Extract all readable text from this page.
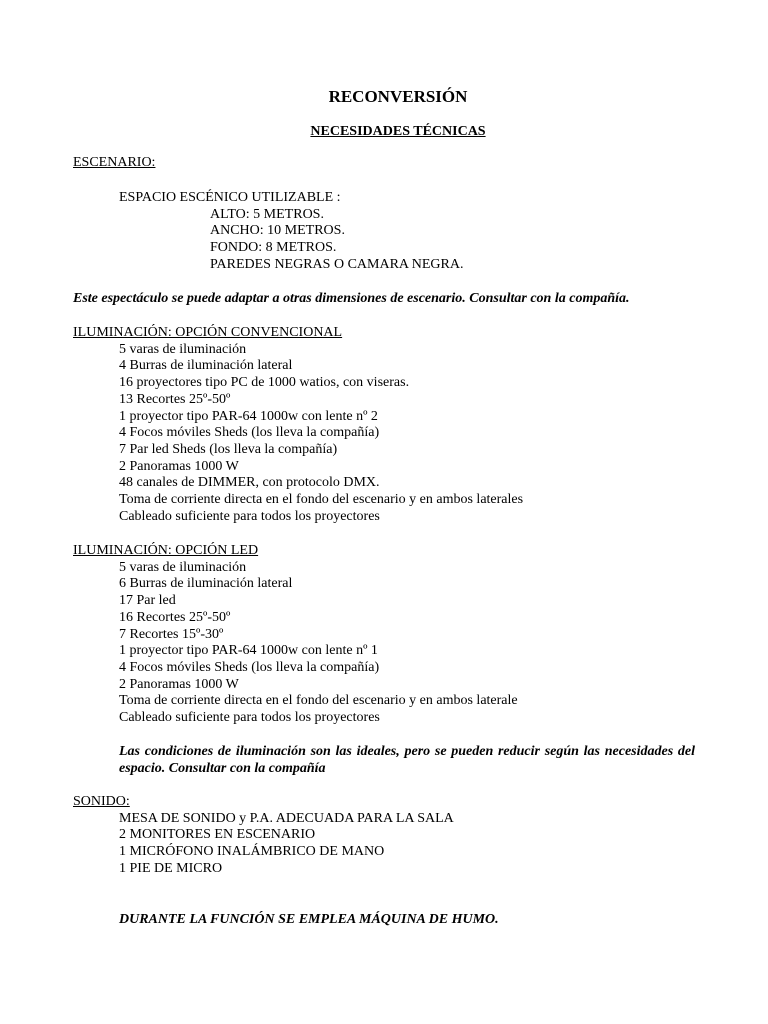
RECONVERSIÓN
NECESIDADES TÉCNICAS
ESCENARIO:
ESPACIO ESCÉNICO UTILIZABLE :
ALTO: 5 METROS.
ANCHO: 10 METROS.
FONDO: 8 METROS.
PAREDES NEGRAS O CAMARA NEGRA.
Este espectáculo se puede adaptar a otras dimensiones de escenario. Consultar con la compañía.
ILUMINACIÓN: OPCIÓN CONVENCIONAL
5 varas de iluminación
4 Burras de iluminación lateral
16 proyectores tipo PC de 1000 watios, con viseras.
13 Recortes 25º-50º
1 proyector tipo PAR-64 1000w con lente nº 2
4 Focos móviles Sheds (los lleva la compañía)
7 Par led Sheds (los lleva la compañía)
2 Panoramas 1000 W
48 canales de DIMMER, con protocolo DMX.
Toma de corriente directa en el fondo del escenario y en ambos laterales
Cableado suficiente para todos los proyectores
ILUMINACIÓN: OPCIÓN LED
5 varas de iluminación
6 Burras de iluminación lateral
17 Par led
16 Recortes 25º-50º
7 Recortes 15º-30º
1 proyector tipo PAR-64 1000w con lente nº 1
4 Focos móviles Sheds (los lleva la compañía)
2 Panoramas 1000 W
Toma de corriente directa en el fondo del escenario y en ambos laterale
Cableado suficiente para todos los proyectores
Las condiciones de iluminación son las ideales, pero se pueden reducir según las necesidades del espacio. Consultar con la compañía
SONIDO:
MESA DE SONIDO y P.A. ADECUADA PARA LA SALA
2 MONITORES EN ESCENARIO
1 MICRÓFONO INALÁMBRICO DE MANO
1 PIE DE MICRO
DURANTE LA FUNCIÓN SE EMPLEA MÁQUINA DE HUMO.
